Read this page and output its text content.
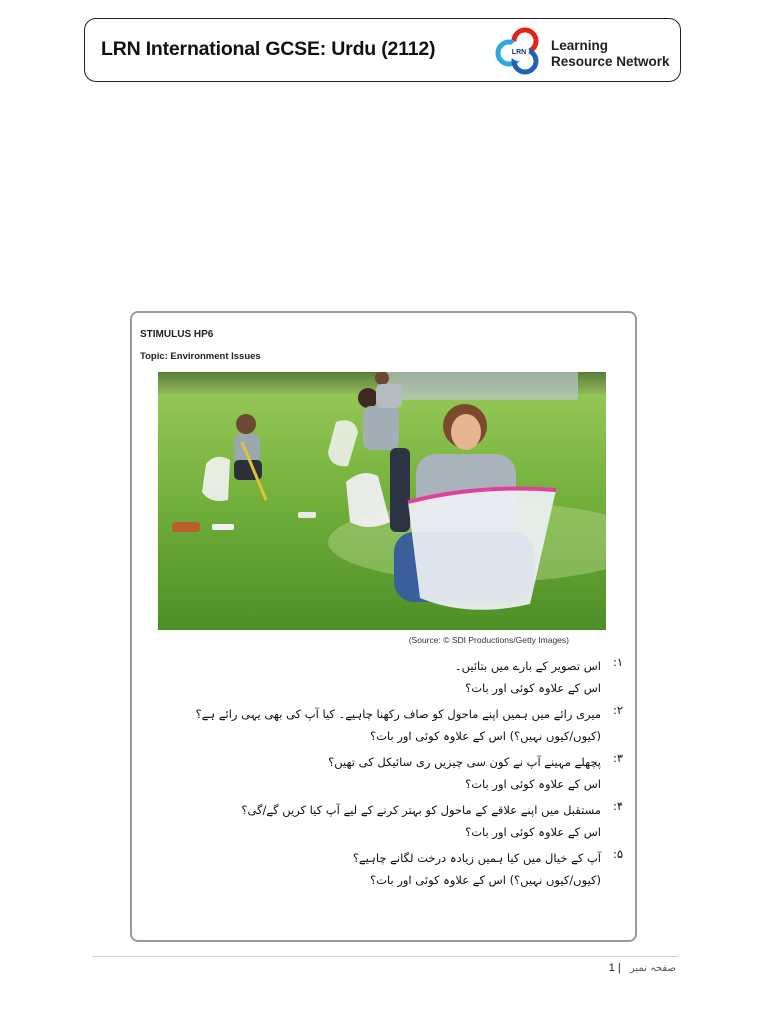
LRN International GCSE: Urdu (2112)	LRN Learning
Resource Network
STIMULUS HP6
Topic: Environment Issues
(Source: © SDI Productions/Getty Images)
۱:
اس تصویر کے بارے میں بتائیں۔
اس کے علاوہ کوئی اور بات؟
۲:
میری رائے میں ہمیں اپنے ماحول کو صاف رکھنا چاہیے۔ کیا آپ کی بھی یہی رائے ہے؟
(کیوں/کیوں نہیں؟) اس کے علاوہ کوئی اور بات؟
۳:
پچھلے مہینے آپ نے کون سی چیزیں ری سائیکل کی تھیں؟
اس کے علاوہ کوئی اور بات؟
۴:
مستقبل میں اپنے علاقے کے ماحول کو بہتر کرنے کے لیے آپ کیا کریں گے/گی؟
اس کے علاوہ کوئی اور بات؟
۵:
آپ کے خیال میں کیا ہمیں زیادہ درخت لگانے چاہیے؟
(کیوں/کیوں نہیں؟) اس کے علاوہ کوئی اور بات؟
1 | صفحہ نمبر
